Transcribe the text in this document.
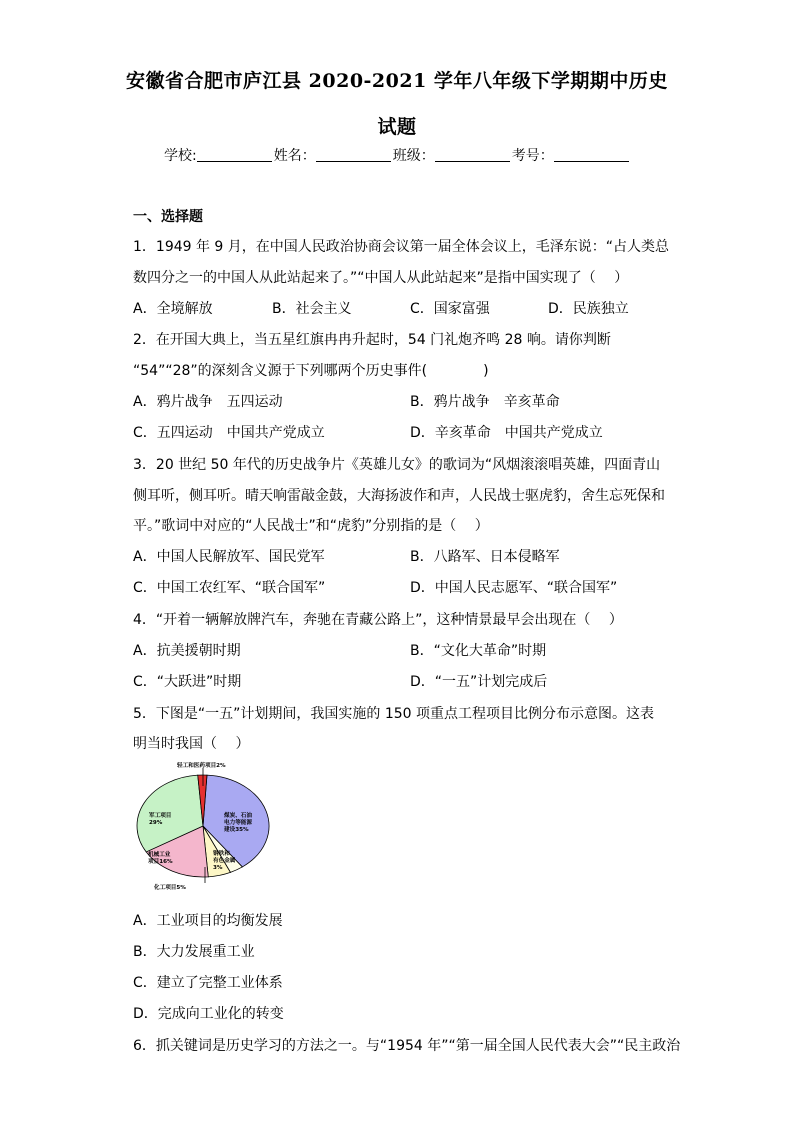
安徽省合肥市庐江县 2020-2021 学年八年级下学期期中历史
试题
学校:	姓名：	班级：	考号：
一、选择题
1．1949 年 9 月，在中国人民政治协商会议第一届全体会议上，毛泽东说：“占人类总
数四分之一的中国人从此站起来了。”“中国人从此站起来”是指中国实现了（　 ）
A．全境解放	B．社会主义	C．国家富强	D．民族独立
2．在开国大典上，当五星红旗冉冉升起时，54 门礼炮齐鸣 28 响。请你判断
“54”“28”的深刻含义源于下列哪两个历史事件(　　　　)
A．鸦片战争　五四运动	B．鸦片战争　辛亥革命
C．五四运动　中国共产党成立	D．辛亥革命　中国共产党成立
3．20 世纪 50 年代的历史战争片《英雄儿女》的歌词为“风烟滚滚唱英雄，四面青山
侧耳听，侧耳听。晴天响雷敲金鼓，大海扬波作和声，人民战士驱虎豹，舍生忘死保和
平。”歌词中对应的“人民战士”和“虎豹”分别指的是（　 ）
A．中国人民解放军、国民党军	B．八路军、日本侵略军
C．中国工农红军、“联合国军”	D．中国人民志愿军、“联合国军”
4．“开着一辆解放牌汽车，奔驰在青藏公路上”，这种情景最早会出现在（　 ）
A．抗美援朝时期	B．“文化大革命”时期
C．“大跃进”时期	D．“一五”计划完成后
5．下图是“一五”计划期间，我国实施的 150 项重点工程项目比例分布示意图。这表
明当时我国（　 ）
轻工和医药项目2%
化工项目5%
煤炭、石油
电力等能源
建设35%
钢铁和
有色金属
3%
机械工业
项目16%
军工项目
29%
A．工业项目的均衡发展
B．大力发展重工业
C．建立了完整工业体系
D．完成向工业化的转变
6．抓关键词是历史学习的方法之一。与“1954 年”“第一届全国人民代表大会”“民主政治
